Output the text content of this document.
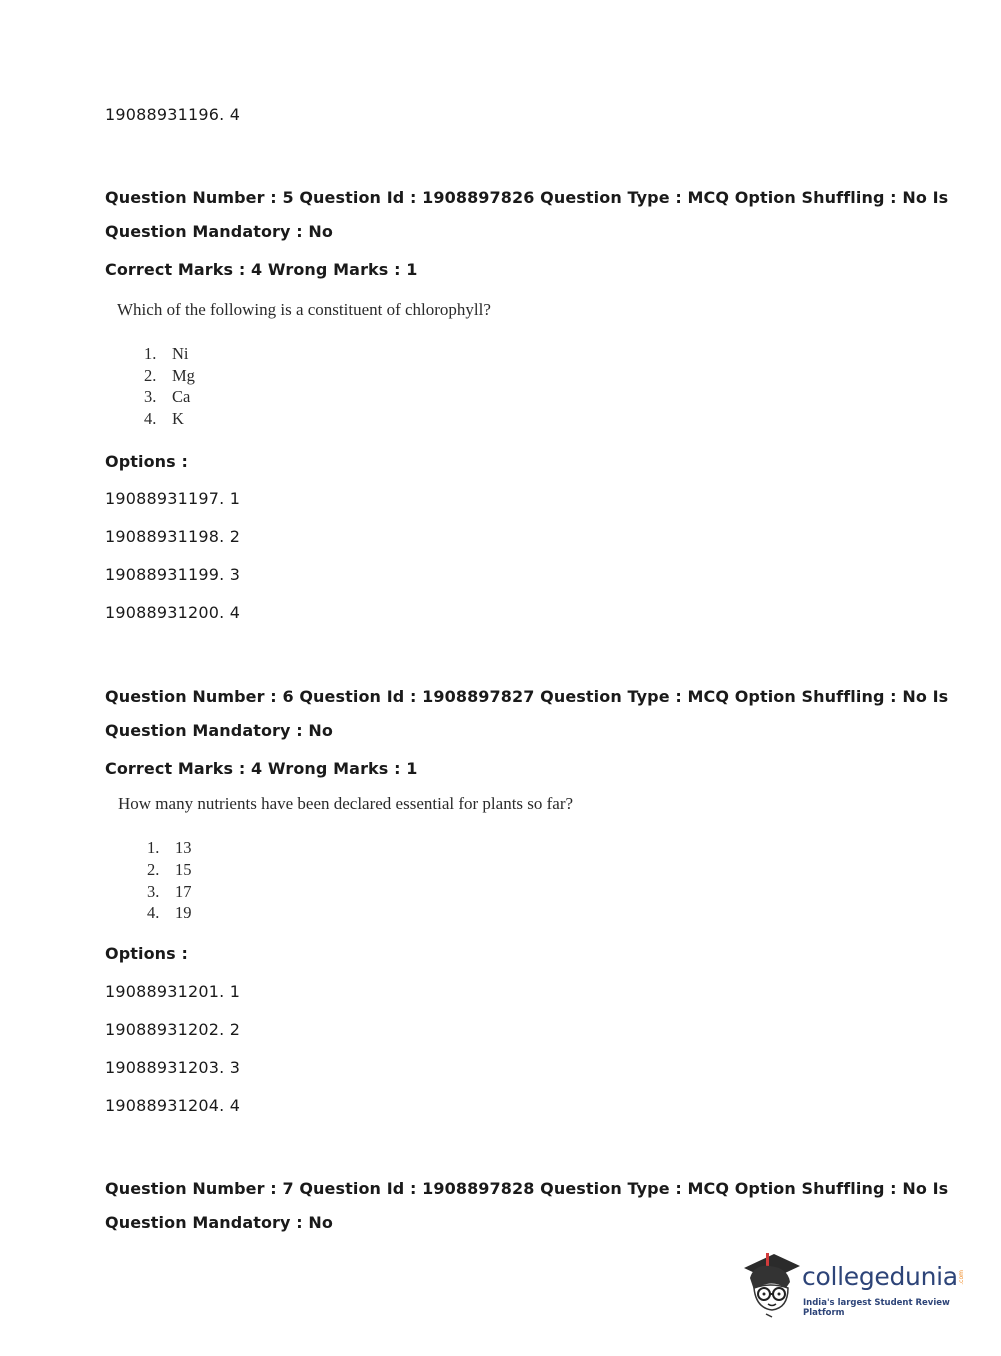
19088931196. 4
Question Number : 5 Question Id : 1908897826 Question Type : MCQ Option Shuffling : No Is
Question Mandatory : No
Correct Marks : 4 Wrong Marks : 1
Which of the following is a constituent of chlorophyll?
1. Ni
2. Mg
3. Ca
4. K
Options :
19088931197. 1
19088931198. 2
19088931199. 3
19088931200. 4
Question Number : 6 Question Id : 1908897827 Question Type : MCQ Option Shuffling : No Is
Question Mandatory : No
Correct Marks : 4 Wrong Marks : 1
How many nutrients have been declared essential for plants so far?
1. 13
2. 15
3. 17
4. 19
Options :
19088931201. 1
19088931202. 2
19088931203. 3
19088931204. 4
Question Number : 7 Question Id : 1908897828 Question Type : MCQ Option Shuffling : No Is
Question Mandatory : No
collegedunia .com
India's largest Student Review Platform
